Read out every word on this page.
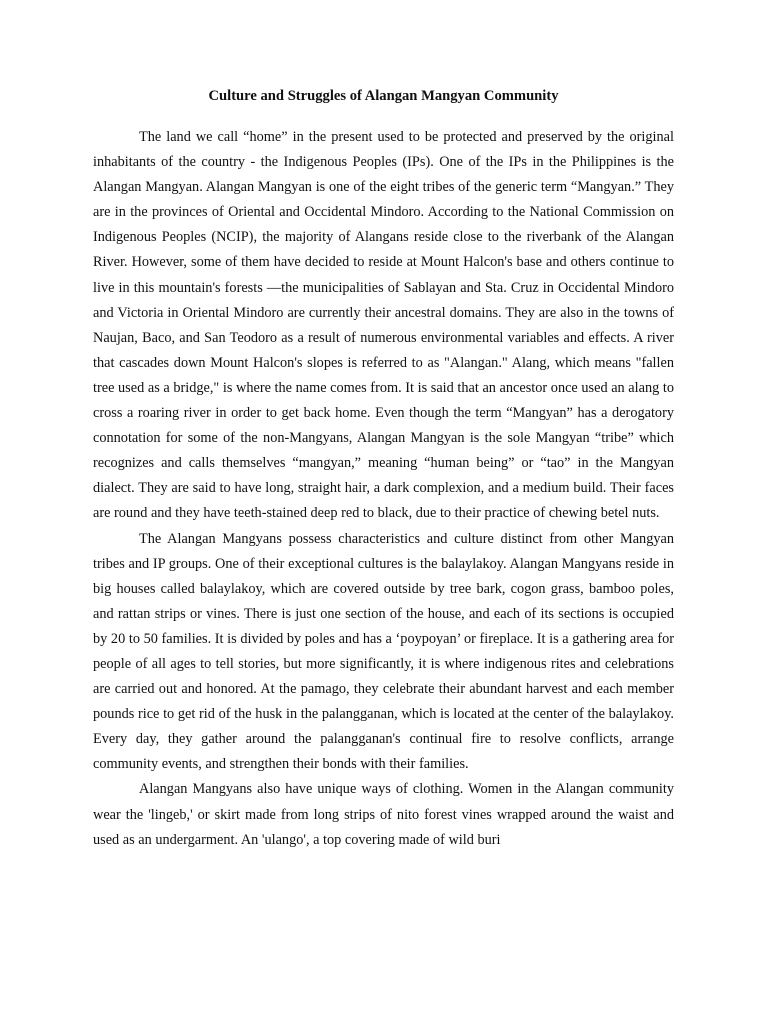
Culture and Struggles of Alangan Mangyan Community

The land we call “home” in the present used to be protected and preserved by the original inhabitants of the country - the Indigenous Peoples (IPs). One of the IPs in the Philippines is the Alangan Mangyan. Alangan Mangyan is one of the eight tribes of the generic term “Mangyan.” They are in the provinces of Oriental and Occidental Mindoro. According to the National Commission on Indigenous Peoples (NCIP), the majority of Alangans reside close to the riverbank of the Alangan River. However, some of them have decided to reside at Mount Halcon's base and others continue to live in this mountain's forests —the municipalities of Sablayan and Sta. Cruz in Occidental Mindoro and Victoria in Oriental Mindoro are currently their ancestral domains. They are also in the towns of Naujan, Baco, and San Teodoro as a result of numerous environmental variables and effects. A river that cascades down Mount Halcon's slopes is referred to as "Alangan." Alang, which means "fallen tree used as a bridge," is where the name comes from. It is said that an ancestor once used an alang to cross a roaring river in order to get back home. Even though the term “Mangyan” has a derogatory connotation for some of the non-Mangyans, Alangan Mangyan is the sole Mangyan “tribe” which recognizes and calls themselves “mangyan,” meaning “human being” or “tao” in the Mangyan dialect. They are said to have long, straight hair, a dark complexion, and a medium build. Their faces are round and they have teeth-stained deep red to black, due to their practice of chewing betel nuts.

The Alangan Mangyans possess characteristics and culture distinct from other Mangyan tribes and IP groups. One of their exceptional cultures is the balaylakoy. Alangan Mangyans reside in big houses called balaylakoy, which are covered outside by tree bark, cogon grass, bamboo poles, and rattan strips or vines. There is just one section of the house, and each of its sections is occupied by 20 to 50 families. It is divided by poles and has a ‘poypoyan’ or fireplace. It is a gathering area for people of all ages to tell stories, but more significantly, it is where indigenous rites and celebrations are carried out and honored. At the pamago, they celebrate their abundant harvest and each member pounds rice to get rid of the husk in the palangganan, which is located at the center of the balaylakoy. Every day, they gather around the palangganan's continual fire to resolve conflicts, arrange community events, and strengthen their bonds with their families.

Alangan Mangyans also have unique ways of clothing. Women in the Alangan community wear the 'lingeb,' or skirt made from long strips of nito forest vines wrapped around the waist and used as an undergarment. An 'ulango', a top covering made of wild buri
